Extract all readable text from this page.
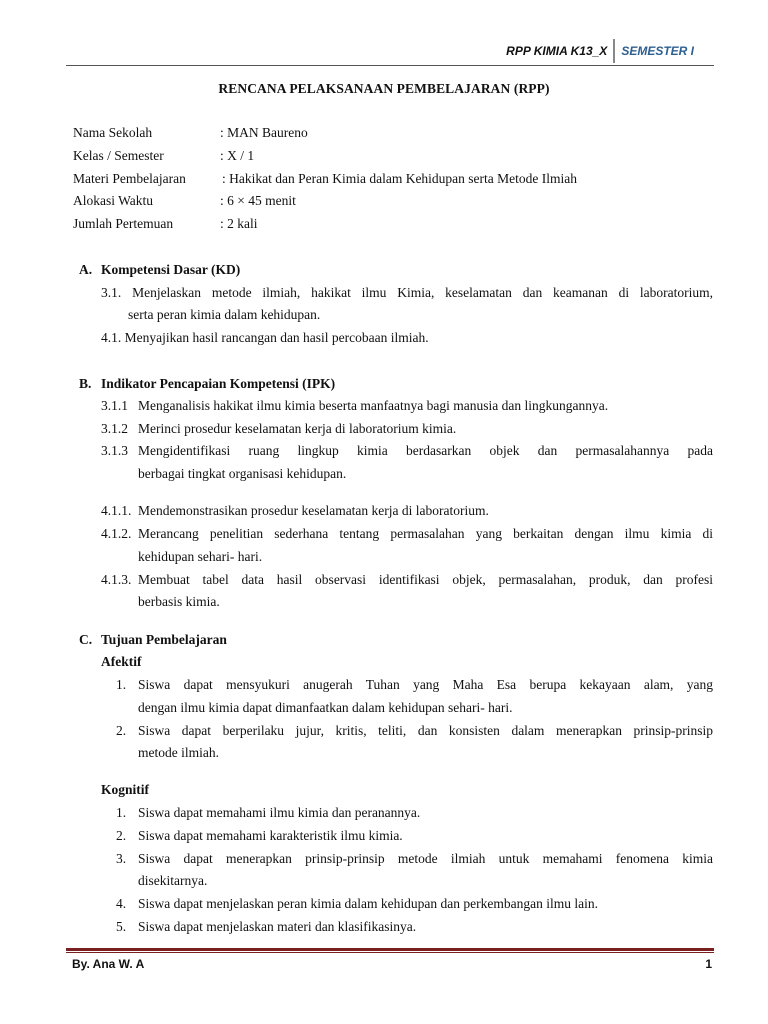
RPP KIMIA K13_X	SEMESTER I
RENCANA PELAKSANAAN PEMBELAJARAN (RPP)
Nama Sekolah	: MAN Baureno
Kelas / Semester	: X / 1
Materi Pembelajaran	: Hakikat dan Peran Kimia dalam Kehidupan serta Metode Ilmiah
Alokasi Waktu	: 6 × 45 menit
Jumlah Pertemuan	: 2 kali
A. Kompetensi Dasar (KD)
3.1. Menjelaskan metode ilmiah, hakikat ilmu Kimia, keselamatan dan keamanan di laboratorium,
serta peran kimia dalam kehidupan.
4.1. Menyajikan hasil rancangan dan hasil percobaan ilmiah.
B. Indikator Pencapaian Kompetensi (IPK)
3.1.1 Menganalisis hakikat ilmu kimia beserta manfaatnya bagi manusia dan lingkungannya.
3.1.2 Merinci prosedur keselamatan kerja di laboratorium kimia.
3.1.3 Mengidentifikasi ruang lingkup kimia berdasarkan objek dan permasalahannya pada
berbagai tingkat organisasi kehidupan.
4.1.1. Mendemonstrasikan prosedur keselamatan kerja di laboratorium.
4.1.2. Merancang penelitian sederhana tentang permasalahan yang berkaitan dengan ilmu kimia di
kehidupan sehari- hari.
4.1.3. Membuat tabel data hasil observasi identifikasi objek, permasalahan, produk, dan profesi
berbasis kimia.
C. Tujuan Pembelajaran
Afektif
1. Siswa dapat mensyukuri anugerah Tuhan yang Maha Esa berupa kekayaan alam, yang
dengan ilmu kimia dapat dimanfaatkan dalam kehidupan sehari- hari.
2. Siswa dapat berperilaku jujur, kritis, teliti, dan konsisten dalam menerapkan prinsip-prinsip
metode ilmiah.
Kognitif
1. Siswa dapat memahami ilmu kimia dan peranannya.
2. Siswa dapat memahami karakteristik ilmu kimia.
3. Siswa dapat menerapkan prinsip-prinsip metode ilmiah untuk memahami fenomena kimia
disekitarnya.
4. Siswa dapat menjelaskan peran kimia dalam kehidupan dan perkembangan ilmu lain.
5. Siswa dapat menjelaskan materi dan klasifikasinya.
By. Ana W. A	1
